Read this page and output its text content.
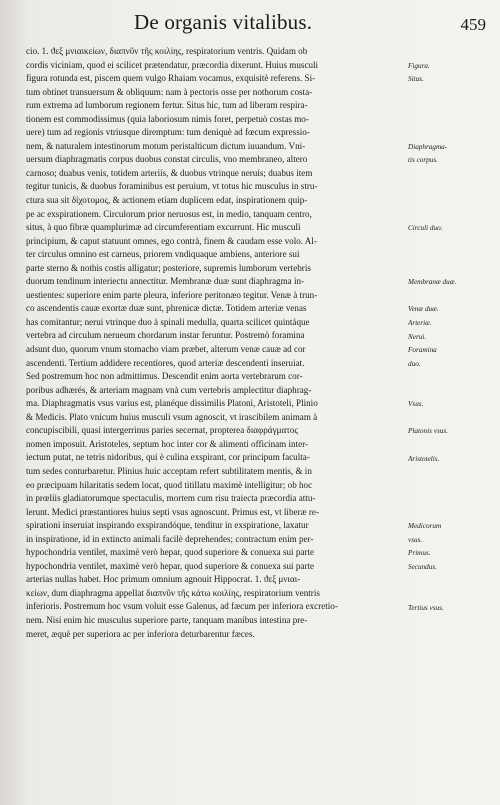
De organis vitalibus.	459
cio. 1. ϑεξ μνιαικείων, διαπνῦν τῆς κοιλίης, respiratorium ventris. Quidam ob
cordis viciniam, quod ei scilicet prætendatur, præcordia dixerunt. Huius musculi
figura rotunda est, piscem quem vulgo Rhaiam vocamus, exquisitè referens. Si-
tum obtinet transuersum & obliquum: nam à pectoris osse per nothorum costa-
rum extrema ad lumborum regionem fertur. Situs hic, tum ad liberam respira-
tionem est commodissimus (quia laboriosum nimis foret, perpetuò costas mo-
uere) tum ad regionis vtriusque diremptum: tum deniquè ad fœcum expressio-
nem, & naturalem intestinorum motum peristalticum dictum iuuandum. Vni-
uersum diaphragmatis corpus duobus constat circulis, vno membraneo, altero
carnoso; duabus venis, totidem arteriis, & duobus vtrinque neruis; duabus item
tegitur tunicis, & duobus foraminibus est peruium, vt totus hic musculus in stru-
ctura sua sit δίχοτομος, & actionem etiam duplicem edat, inspirationem quip-
pe ac exspirationem. Circulorum prior neruosus est, in medio, tanquam centro,
situs, à quo fibræ quamplurimæ ad circumferentiam excurrunt. Hic musculi
principium, & caput statuunt omnes, ego contrà, finem & caudam esse volo. Al-
ter circulus omnino est carneus, priorem vndiquaque ambiens, anteriore sui
parte sterno & nothis costis alligatur; posteriore, supremis lumborum vertebris
duorum tendinum interiectu annectitur. Membranæ duæ sunt diaphragma in-
uestientes: superiore enim parte pleura, inferiore peritonæo tegitur. Venæ à trun-
co ascendentis cauæ exortæ duæ sunt, phrenicæ dictæ. Totidem arteriæ venas
has comitantur; nerui vtrinque duo à spinali medulla, quarta scilicet quintáque
vertebra ad circulum nerueum chordarum instar feruntur. Postremò foramina
adsunt duo, quorum vnum stomacho viam præbet, alterum venæ cauæ ad cor
ascendenti. Tertium addidere recentiores, quod arteriæ descendenti inseruiat.
Sed postremum hoc non admittimus. Descendit enim aorta vertebrarum cor-
poribus adhærés, & arteriam magnam vnà cum vertebris amplectitur diaphrag-
ma. Diaphragmatis vsus varius est, planéque dissimilis Platoni, Aristoteli, Plinio
& Medicis. Plato vnicum huius musculi vsum agnoscit, vt irascibilem animam à
concupiscibili, quasi intergerrinus paries secernat, propterea διαφράγματος
nomen imposuit. Aristoteles, septum hoc inter cor & alimenti officinam inter-
iectum putat, ne tetris nidoribus, qui è culina exspirant, cor principum faculta-
tum sedes conturbaretur. Plinius huic acceptam refert subtilitatem mentis, & in
eo præcipuam hilaritatis sedem locat, quod titillatu maximè intelligitur; ob hoc
in prœliis gladiatorumque spectaculis, mortem cum risu traiecta præcordia attu-
lerunt. Medici præstantiores huius septi vsus agnoscunt. Primus est, vt liberæ re-
spirationi inseruiat inspirando exspirandóque, tenditur in exspiratione, laxatur
in inspiratione, id in extincto animali facilè deprehendes; contractum enim per-
hypochondria ventilet, maximè verò hepar, quod superiore & conuexa sui parte
hypochondria ventilet, maximè verò hepar, quod superiore & conuexa sui parte
arterias nullas habet. Hoc primum omnium agnouit Hippocrat. 1. ϑεξ μνιαι-
κείων, dum diaphragma appellat διαπνῦν τῆς κάτω κοιλίης, respiratorium ventris
inferioris. Postremum hoc vsum voluit esse Galenus, ad fæcum per inferiora excretio-
nem. Nisi enim hic musculus superiore parte, tanquam manibus intestina pre-
meret, æquè per superiora ac per inferiora deturbarentur fæces.
Figura.
Situs.
Diaphragma-
tis corpus.
Circuli duo.
Membranæ duæ.
Venæ duæ.
Arteriæ.
Nerui.
Foramina
duo.
Vsus.
Platonis vsus.
Aristotelis.
Medicorum
vsus.
Primus.
Secundus.
Tertius vsus.
